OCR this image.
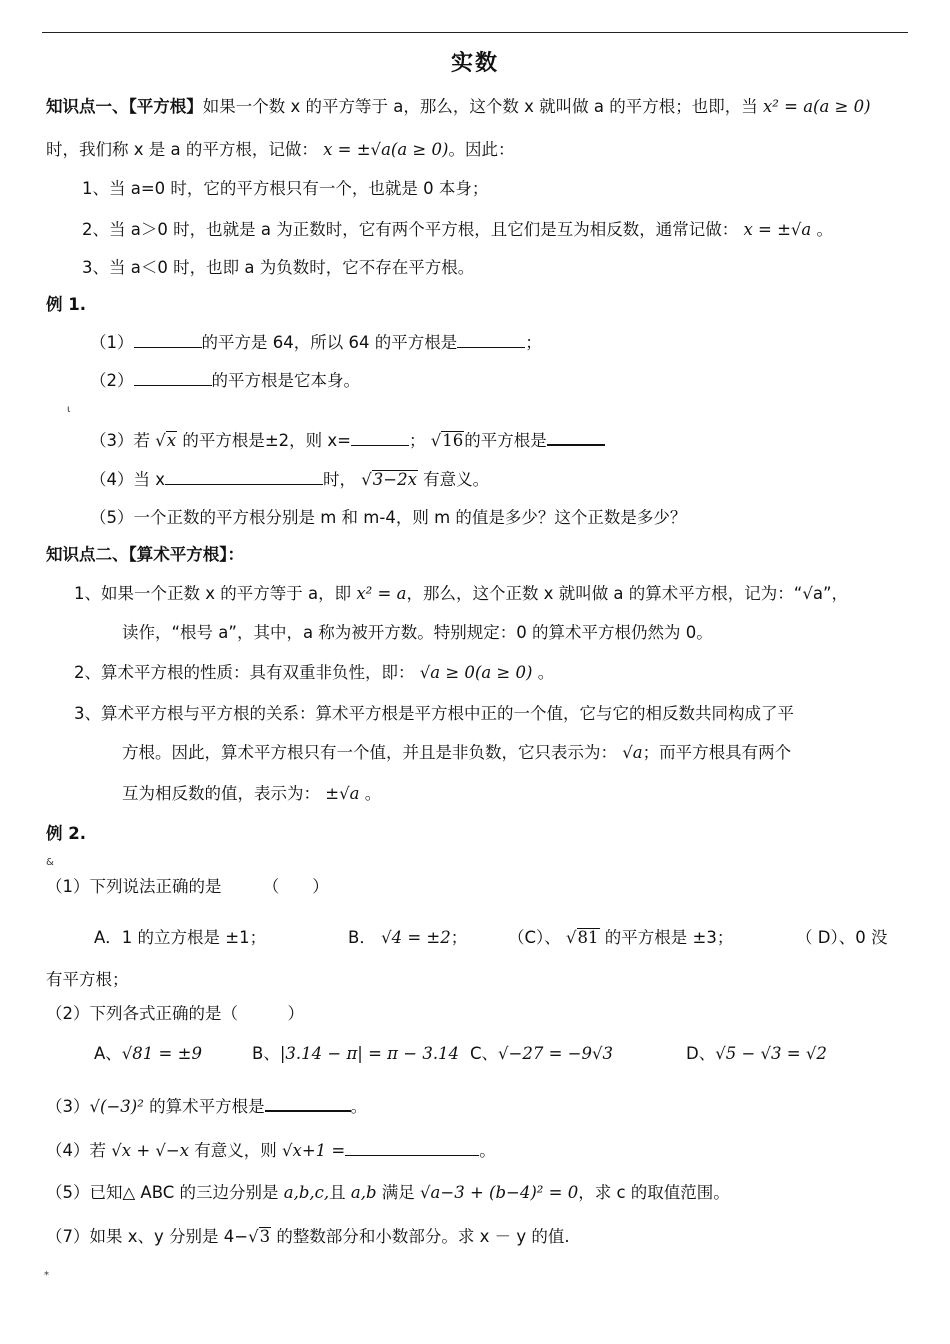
实数
知识点一、【平方根】如果一个数 x 的平方等于 a，那么，这个数 x 就叫做 a 的平方根；也即，当 x² = a(a ≥ 0)
时，我们称 x 是 a 的平方根，记做： x = ±√a(a ≥ 0)。因此：
1、当 a=0 时，它的平方根只有一个，也就是 0 本身；
2、当 a＞0 时，也就是 a 为正数时，它有两个平方根，且它们是互为相反数，通常记做： x = ±√a 。
3、当 a＜0 时，也即 a 为负数时，它不存在平方根。
例 1.
（1）	的平方是 64，所以 64 的平方根是	；
（2）	的平方根是它本身。
ι
（3）若 √x 的平方根是±2，则 x=	； √16的平方根是
（4）当 x	时， √3−2x 有意义。
（5）一个正数的平方根分别是 m 和 m-4，则 m 的值是多少？这个正数是多少？
知识点二、【算术平方根】：
1、如果一个正数 x 的平方等于 a，即 x² = a，那么，这个正数 x 就叫做 a 的算术平方根，记为：“√a”，
读作，“根号 a”，其中，a 称为被开方数。特别规定：0 的算术平方根仍然为 0。
2、算术平方根的性质：具有双重非负性，即： √a ≥ 0(a ≥ 0) 。
3、算术平方根与平方根的关系：算术平方根是平方根中正的一个值，它与它的相反数共同构成了平
方根。因此，算术平方根只有一个值，并且是非负数，它只表示为： √a；而平方根具有两个
互为相反数的值，表示为： ±√a 。
例 2.
&
（1）下列说法正确的是　　　（　　）
A．1 的立方根是 ±1；	B． √4 = ±2； （C）、 √81 的平方根是 ±3；	（ D）、0 没
有平方根；
（2）下列各式正确的是（　　　）
A、√81 = ±9	B、|3.14 − π| = π − 3.14 C、√−27 = −9√3	D、√5 − √3 = √2
（3）√(−3)² 的算术平方根是	。
（4）若 √x + √−x 有意义，则 √x+1 =	。
（5）已知△ ABC 的三边分别是 a,b,c,且 a,b 满足 √a−3 + (b−4)² = 0，求 c 的取值范围。
（7）如果 x、y 分别是 4−√3 的整数部分和小数部分。求 x － y 的值.
*
